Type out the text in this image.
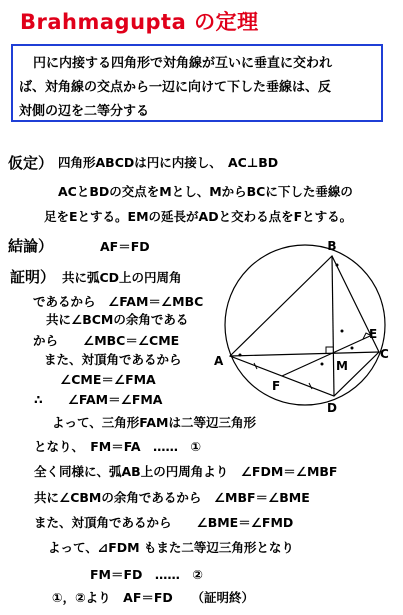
Brahmagupta の定理
円に内接する四角形で対角線が互いに垂直に交われ
ば、対角線の交点から一辺に向けて下した垂線は、反
対側の辺を二等分する
仮定） 四角形ABCDは円に内接し、　AC⊥BD
ACとBDの交点をMとし、MからBCに下した垂線の
足をEとする。EMの延長がADと交わる点をFとする。
結論）	AF＝FD
証明） 共に弧CD上の円周角
であるから　∠FAM＝∠MBC
共に∠BCMの余角である
から　　∠MBC＝∠CME
また、対頂角であるから
∠CME＝∠FMA
∴　　∠FAM＝∠FMA
よって、三角形FAMは二等辺三角形
となり、　FM＝FA　……　①
全く同様に、弧AB上の円周角より　∠FDM＝∠MBF
共に∠CBMの余角であるから　∠MBF＝∠BME
また、対頂角であるから　　∠BME＝∠FMD
よって、⊿FDM もまた二等辺三角形となり
FM＝FD　……　②
①，②より　AF＝FD　　（証明終）
B
A	C
D
M
E
F
